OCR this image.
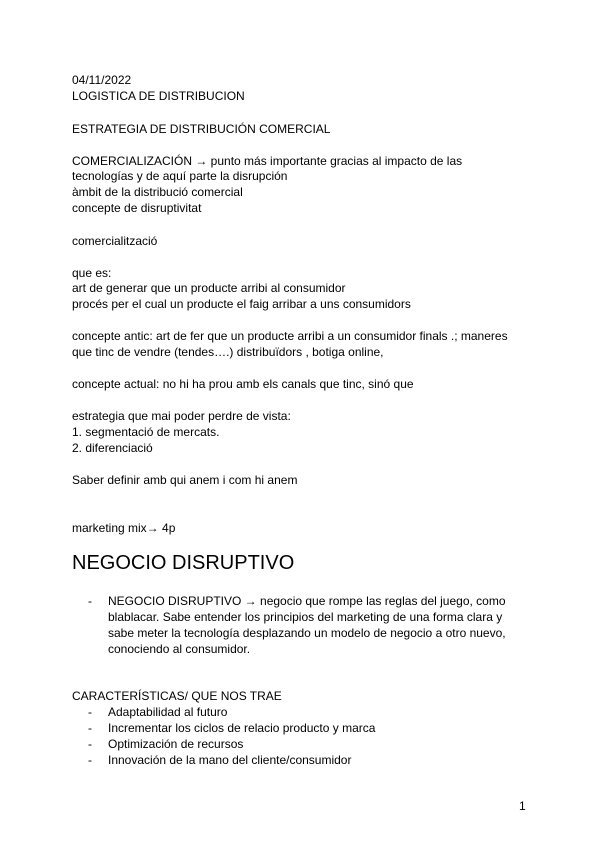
04/11/2022
LOGISTICA DE DISTRIBUCION
ESTRATEGIA DE DISTRIBUCIÓN COMERCIAL
COMERCIALIZACIÓN → punto más importante gracias al impacto de las
tecnologías y de aquí parte la disrupción
àmbit de la distribució comercial
concepte de disruptivitat
comercialització
que es:
art de generar que un producte arribi al consumidor
procés per el cual un producte el faig arribar a uns consumidors
concepte antic: art de fer que un producte arribi a un consumidor finals .; maneres
que tinc de vendre (tendes….) distribuïdors , botiga online,
concepte actual: no hi ha prou amb els canals que tinc, sinó que
estrategia que mai poder perdre de vista:
1. segmentació de mercats.
2. diferenciació
Saber definir amb qui anem i com hi anem
marketing mix→ 4p
NEGOCIO DISRUPTIVO
- NEGOCIO DISRUPTIVO → negocio que rompe las reglas del juego, como
blablacar. Sabe entender los principios del marketing de una forma clara y
sabe meter la tecnología desplazando un modelo de negocio a otro nuevo,
conociendo al consumidor.
CARACTERÍSTICAS/ QUE NOS TRAE
- Adaptabilidad al futuro
- Incrementar los ciclos de relacio producto y marca
- Optimización de recursos
- Innovación de la mano del cliente/consumidor
1
